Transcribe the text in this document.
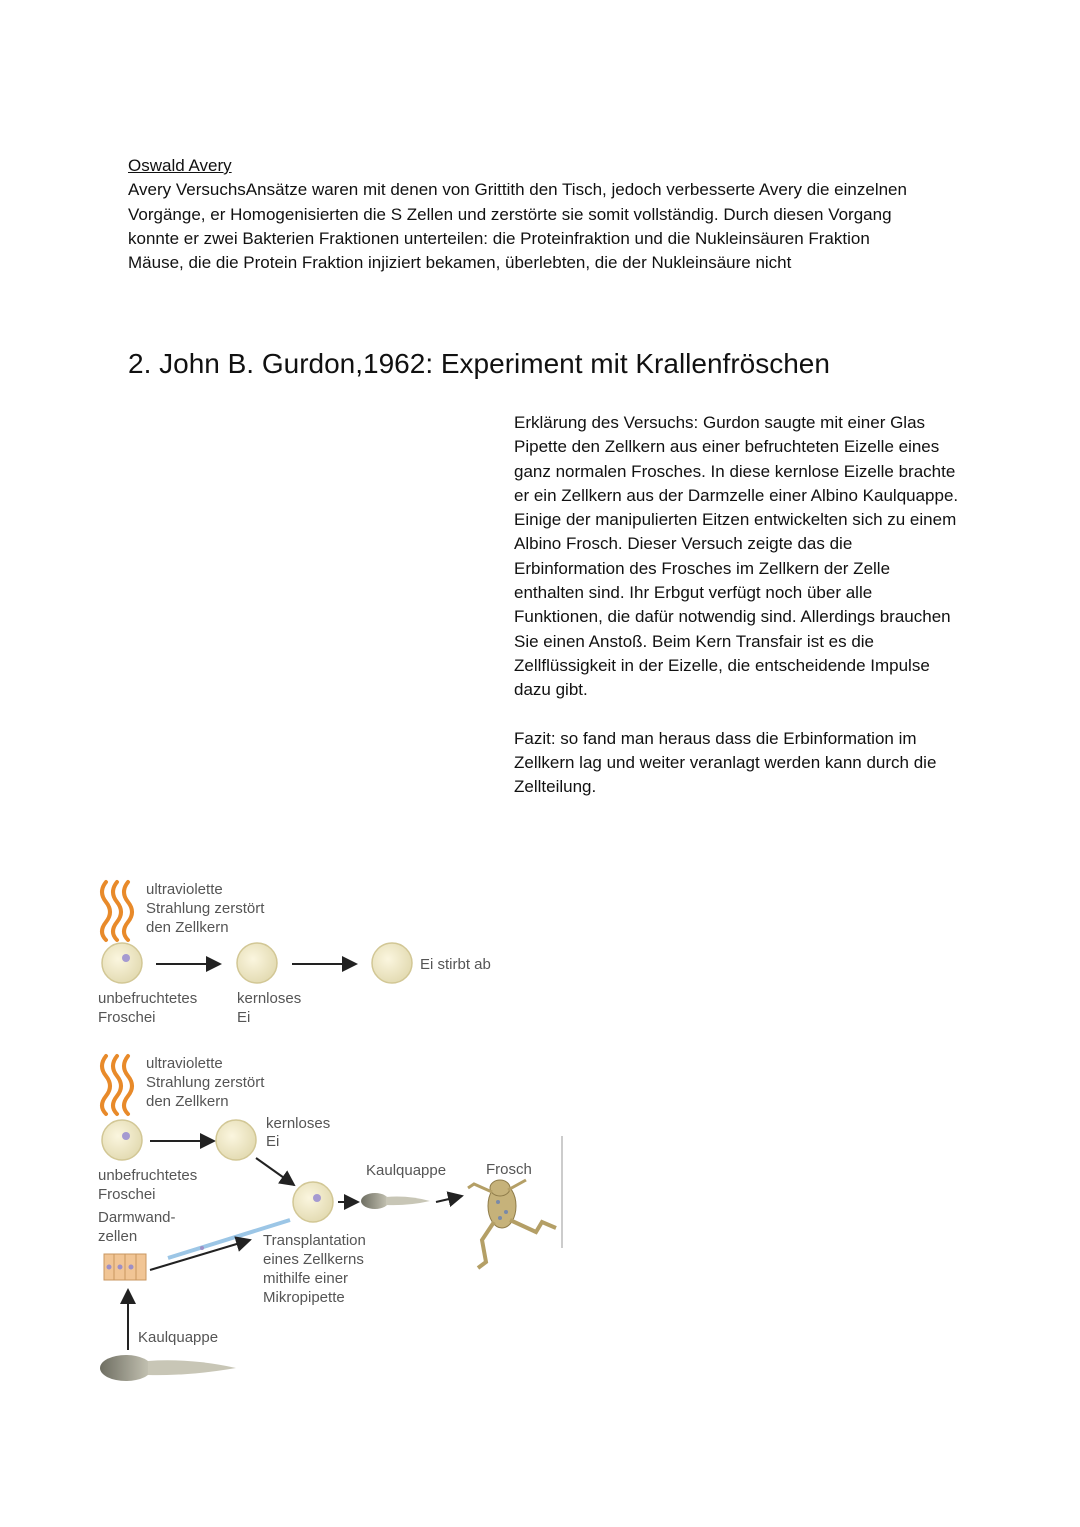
Oswald Avery

Avery VersuchsAnsätze waren mit denen von Grittith den Tisch, jedoch verbesserte Avery die einzelnen Vorgänge, er Homogenisierten die S Zellen und zerstörte sie somit vollständig. Durch diesen Vorgang konnte er zwei Bakterien Fraktionen unterteilen: die Proteinfraktion und die Nukleinsäuren Fraktion

Mäuse, die die Protein Fraktion injiziert bekamen, überlebten, die der Nukleinsäure nicht

2. John B. Gurdon,1962: Experiment mit Krallenfröschen

Erklärung des Versuchs: Gurdon saugte mit einer Glas Pipette den Zellkern aus einer befruchteten Eizelle eines ganz normalen Frosches. In diese kernlose Eizelle brachte er ein Zellkern aus der Darmzelle einer Albino Kaulquappe. Einige der manipulierten Eitzen entwickelten sich zu einem Albino Frosch. Dieser Versuch zeigte das die Erbinformation des Frosches im Zellkern der Zelle enthalten sind. Ihr Erbgut verfügt noch über alle Funktionen, die dafür notwendig sind. Allerdings brauchen Sie einen Anstoß. Beim Kern Transfair ist es die Zellflüssigkeit in der Eizelle, die entscheidende Impulse dazu gibt.

Fazit: so fand man heraus dass die Erbinformation im Zellkern lag und weiter veranlagt werden kann durch die Zellteilung.

ultraviolette
Strahlung zerstört
den Zellkern
Ei stirbt ab
unbefruchtetes
Froschei
kernloses
Ei
ultraviolette
Strahlung zerstört
den Zellkern
kernloses
Ei
unbefruchtetes
Froschei
Kaulquappe	Frosch
Darmwand-
zellen	Transplantation
eines Zellkerns
mithilfe einer
Mikropipette
Kaulquappe
